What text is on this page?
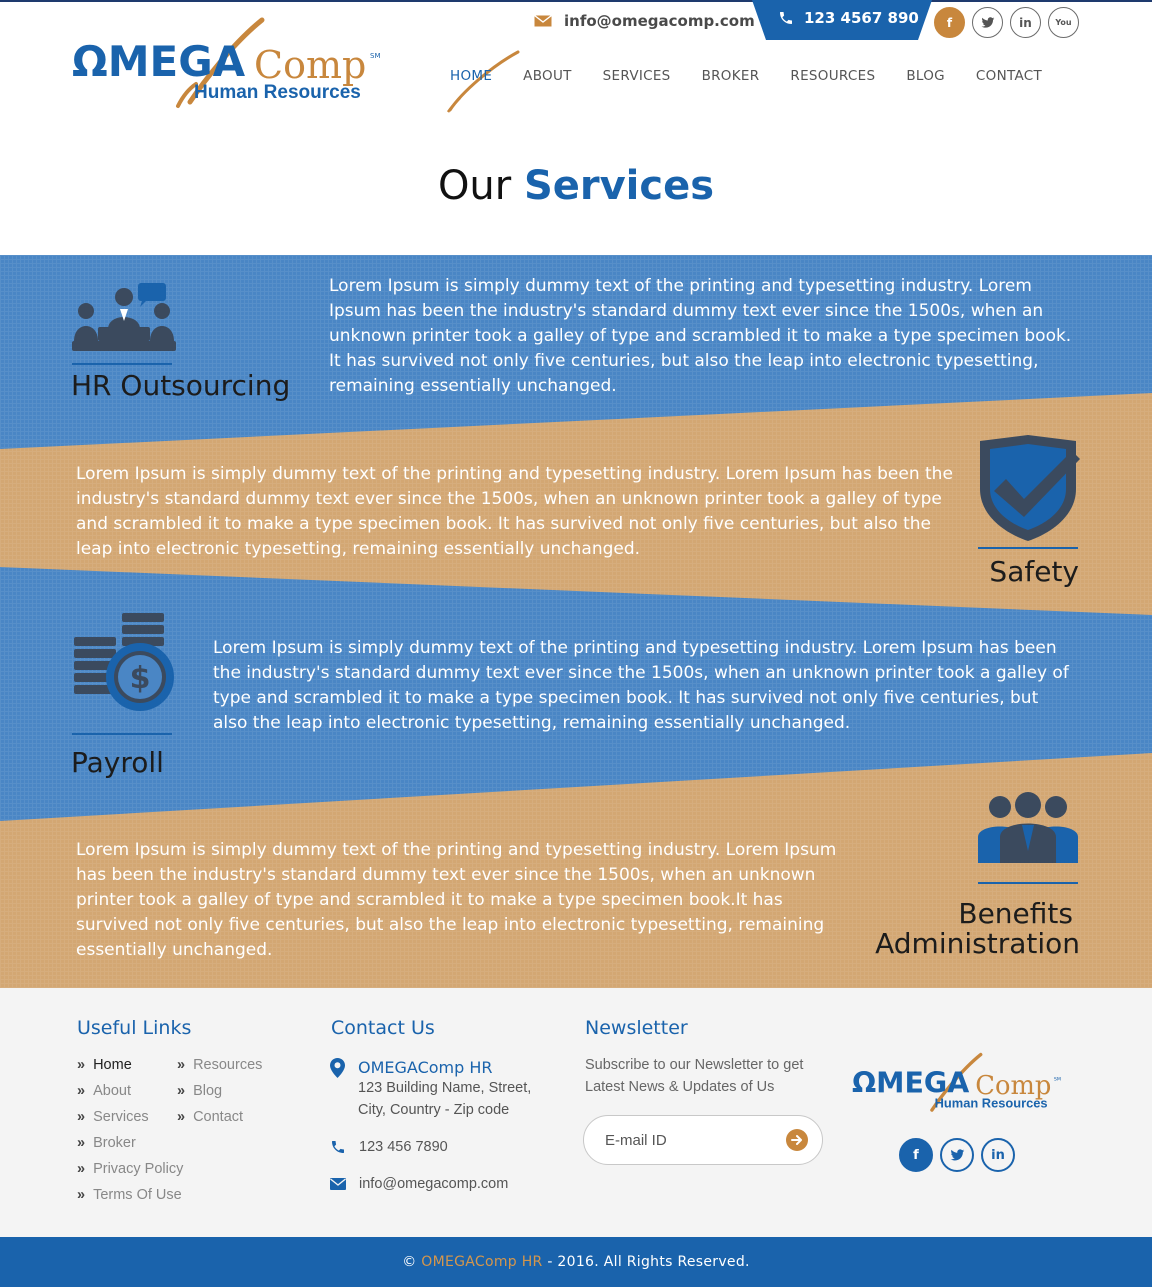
ΩMEGA Comp SM
Human Resources
info@omegacomp.com	123 4567 890	f	in	You
HOME ABOUT SERVICES BROKER RESOURCES BLOG CONTACT
Our Services
HR Outsourcing
Lorem Ipsum is simply dummy text of the printing and typesetting industry. Lorem Ipsum has been the industry's standard dummy text ever since the 1500s, when an unknown printer took a galley of type and scrambled it to make a type specimen book. It has survived not only five centuries, but also the leap into electronic typesetting, remaining essentially unchanged.
Lorem Ipsum is simply dummy text of the printing and typesetting industry. Lorem Ipsum has been the industry's standard dummy text ever since the 1500s, when an unknown printer took a galley of type and scrambled it to make a type specimen book. It has survived not only five centuries, but also the leap into electronic typesetting, remaining essentially unchanged.
Safety
$
Payroll
Lorem Ipsum is simply dummy text of the printing and typesetting industry. Lorem Ipsum has been the industry's standard dummy text ever since the 1500s, when an unknown printer took a galley of type and scrambled it to make a type specimen book. It has survived not only five centuries, but also the leap into electronic typesetting, remaining essentially unchanged.
Lorem Ipsum is simply dummy text of the printing and typesetting industry. Lorem Ipsum has been the industry's standard dummy text ever since the 1500s, when an unknown printer took a galley of type and scrambled it to make a type specimen book.It has survived not only five centuries, but also the leap into electronic typesetting, remaining essentially unchanged.
Benefits
Administration
Useful Links
» Home
» About
» Services
» Broker
» Privacy Policy
» Terms Of Use
» Resources
» Blog
» Contact
Contact Us
OMEGAComp HR
123 Building Name, Street,
City, Country - Zip code
123 456 7890
info@omegacomp.com
Newsletter
Subscribe to our Newsletter to get Latest News & Updates of Us
E-mail ID	ΩMEGA Comp SM
Human Resources
f	in
© OMEGAComp HR - 2016. All Rights Reserved.
